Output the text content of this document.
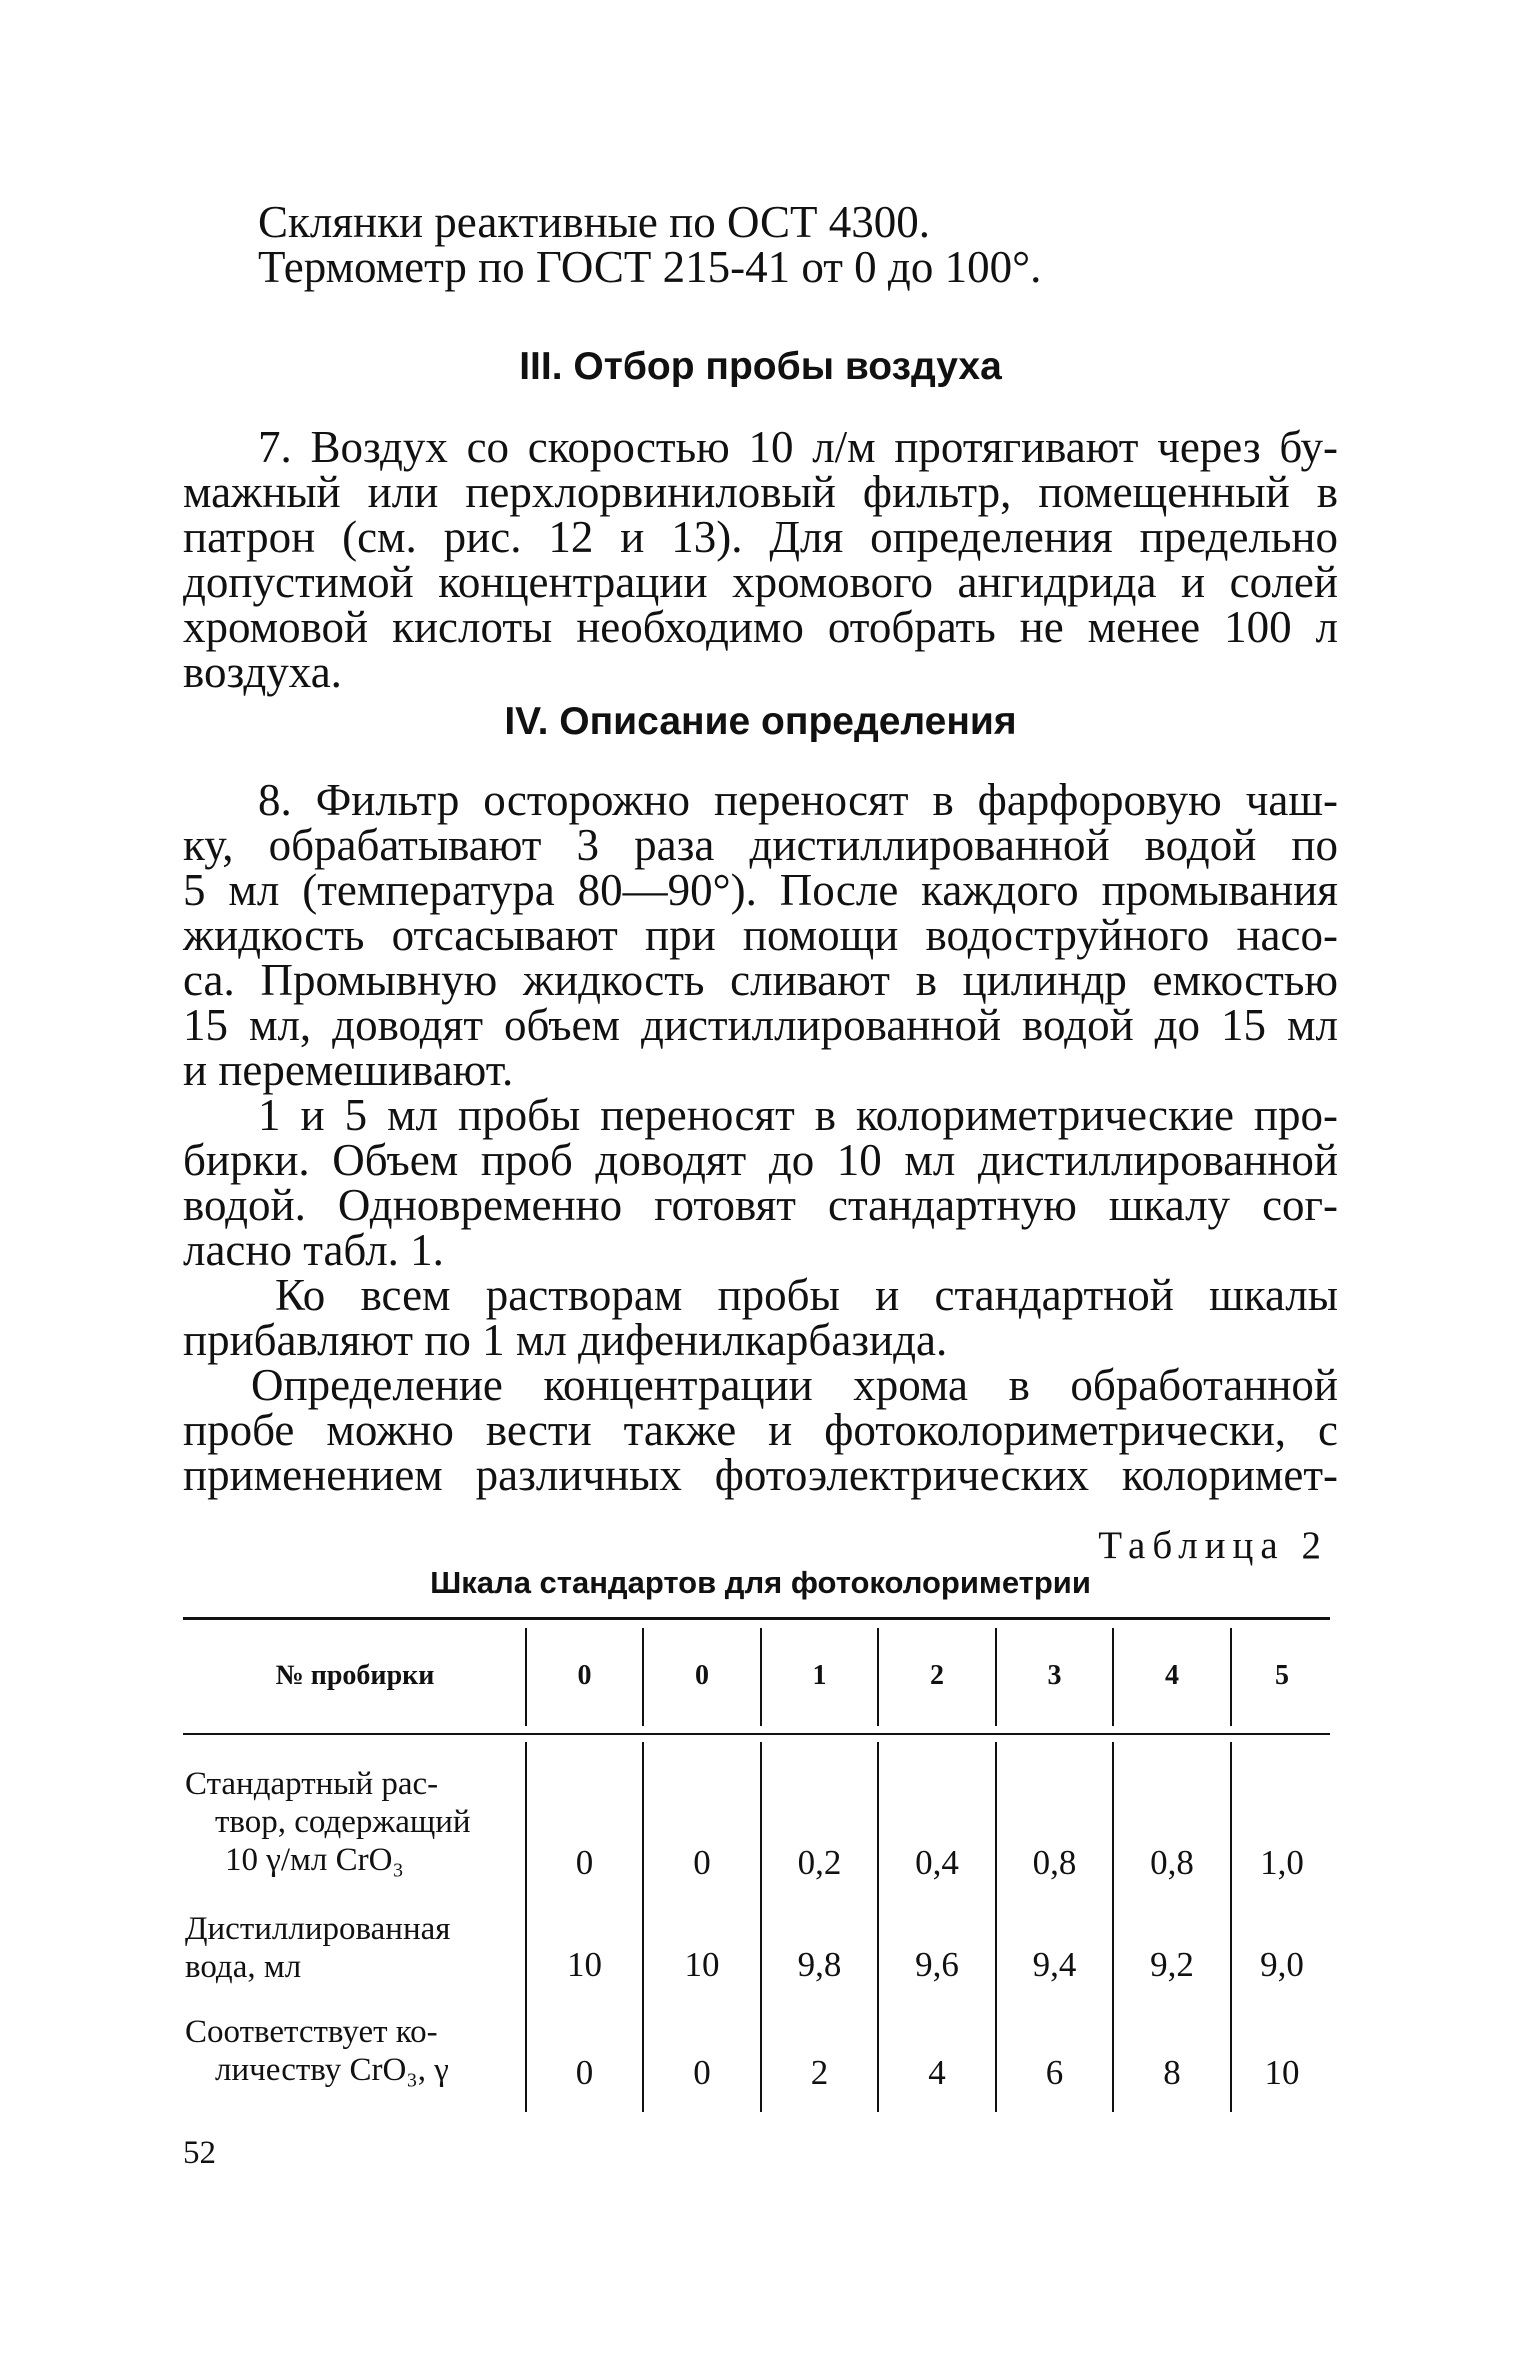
Склянки реактивные по ОСТ 4300.
Термометр по ГОСТ 215-41 от 0 до 100°.
III. Отбор пробы воздуха
7. Воздух со скоростью 10 л/м протягивают через бу-
мажный или перхлорвиниловый фильтр, помещенный в
патрон (см. рис. 12 и 13). Для определения предельно
допустимой концентрации хромового ангидрида и солей
хромовой кислоты необходимо отобрать не менее 100 л
воздуха.
IV. Описание определения
8. Фильтр осторожно переносят в фарфоровую чаш-
ку, обрабатывают 3 раза дистиллированной водой по
5 мл (температура 80—90°). После каждого промывания
жидкость отсасывают при помощи водоструйного насо-
са. Промывную жидкость сливают в цилиндр емкостью
15 мл, доводят объем дистиллированной водой до 15 мл
и перемешивают.
1 и 5 мл пробы переносят в колориметрические про-
бирки. Объем проб доводят до 10 мл дистиллированной
водой. Одновременно готовят стандартную шкалу сог-
ласно табл. 1.
Ко всем растворам пробы и стандартной шкалы
прибавляют по 1 мл дифенилкарбазида.
Определение концентрации хрома в обработанной
пробе можно вести также и фотоколориметрически, с
применением различных фотоэлектрических колоримет-
Таблица 2
Шкала стандартов для фотоколориметрии
№ пробирки	0	0	1	2	3	4	5
Стандартный рас-
твор, содержащий
10 γ/мл CrO₃	0	0	0,2	0,4	0,8	0,8	1,0
Дистиллированная
вода, мл	10	10	9,8	9,6	9,4	9,2	9,0
Соответствует ко-
личеству CrO₃, γ	0	0	2	4	6	8	10
52
